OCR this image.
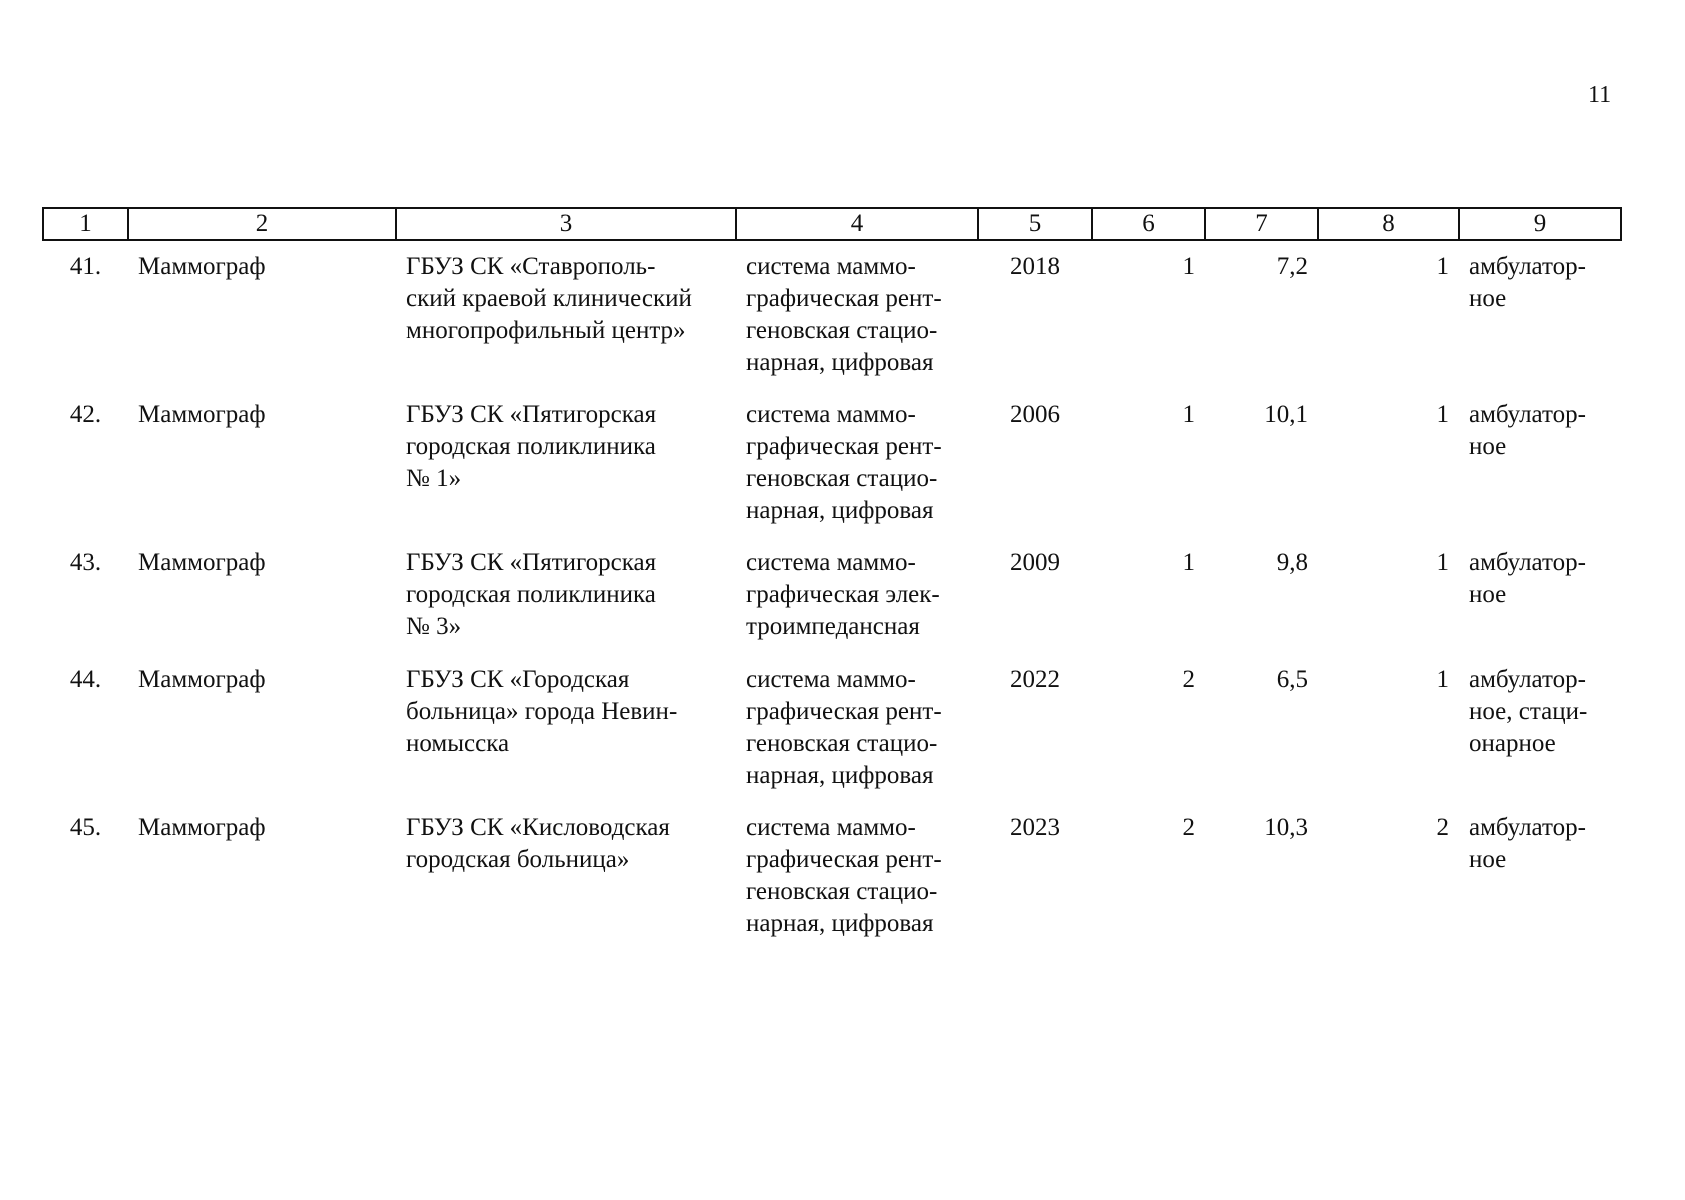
11
1	2	3	4	5	6	7	8	9
41.	Маммограф	ГБУЗ СК «Ставрополь-
ский краевой клинический
многопрофильный центр»	система маммо-
графическая рент-
геновская стацио-
нарная, цифровая	2018	1	7,2	1	амбулатор-
ное

42.	Маммограф	ГБУЗ СК «Пятигорская
городская поликлиника
№ 1»	система маммо-
графическая рент-
геновская стацио-
нарная, цифровая	2006	1	10,1	1	амбулатор-
ное

43.	Маммограф	ГБУЗ СК «Пятигорская
городская поликлиника
№ 3»	система маммо-
графическая элек-
троимпедансная	2009	1	9,8	1	амбулатор-
ное

44.	Маммограф	ГБУЗ СК «Городская
больница» города Невин-
номысска	система маммо-
графическая рент-
геновская стацио-
нарная, цифровая	2022	2	6,5	1	амбулатор-
ное, стаци-
онарное

45.	Маммограф	ГБУЗ СК «Кисловодская
городская больница»	система маммо-
графическая рент-
геновская стацио-
нарная, цифровая	2023	2	10,3	2	амбулатор-
ное
